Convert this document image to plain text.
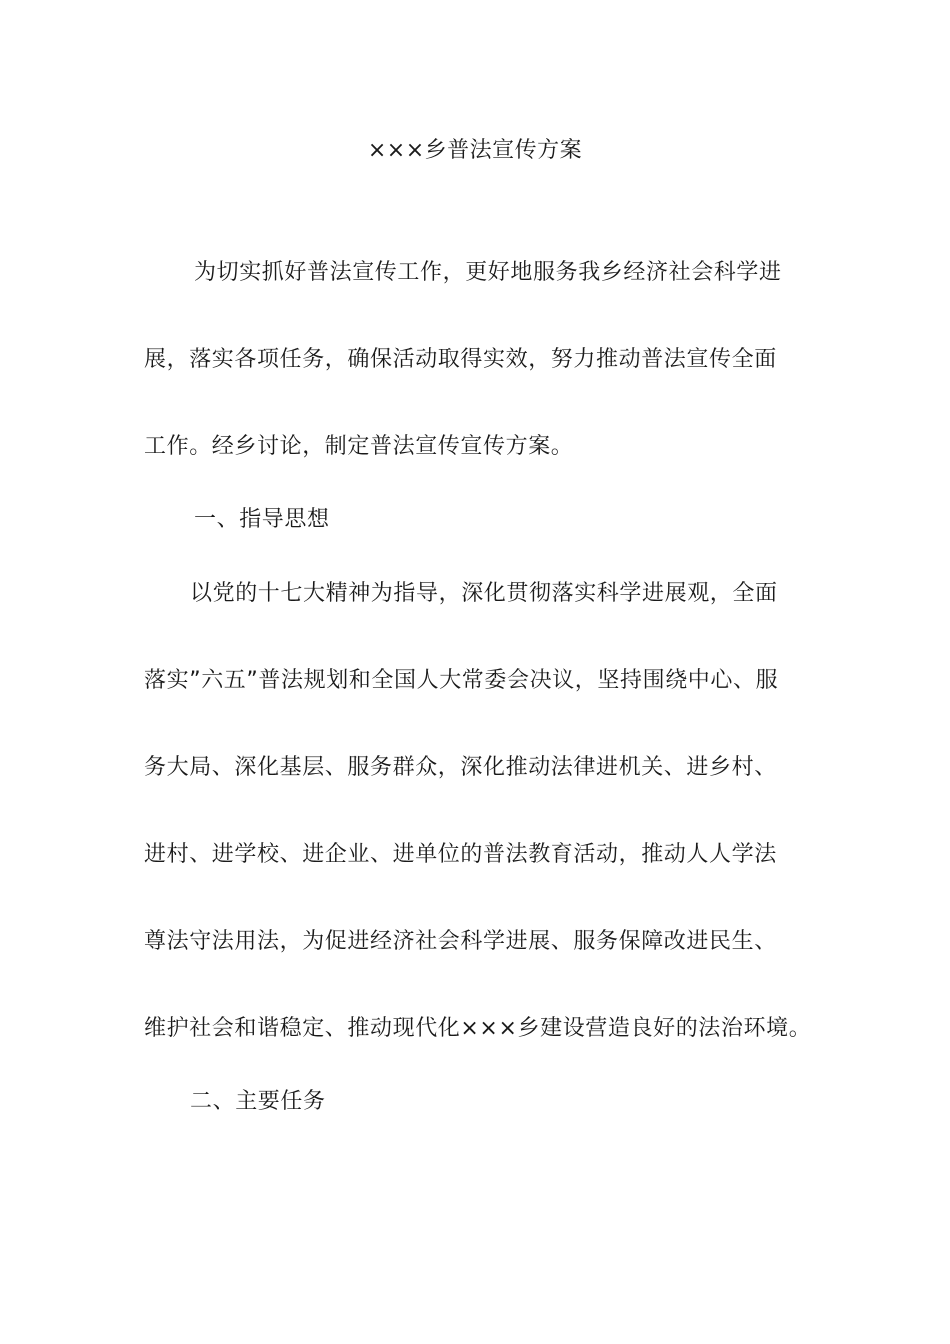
×××乡普法宣传方案
为切实抓好普法宣传工作，更好地服务我乡经济社会科学进
展，落实各项任务，确保活动取得实效，努力推动普法宣传全面
工作。经乡讨论，制定普法宣传宣传方案。
一、指导思想
以党的十七大精神为指导，深化贯彻落实科学进展观，全面
落实”六五”普法规划和全国人大常委会决议，坚持围绕中心、服
务大局、深化基层、服务群众，深化推动法律进机关、进乡村、
进村、进学校、进企业、进单位的普法教育活动，推动人人学法
尊法守法用法，为促进经济社会科学进展、服务保障改进民生、
维护社会和谐稳定、推动现代化×××乡建设营造良好的法治环境。
二、主要任务
